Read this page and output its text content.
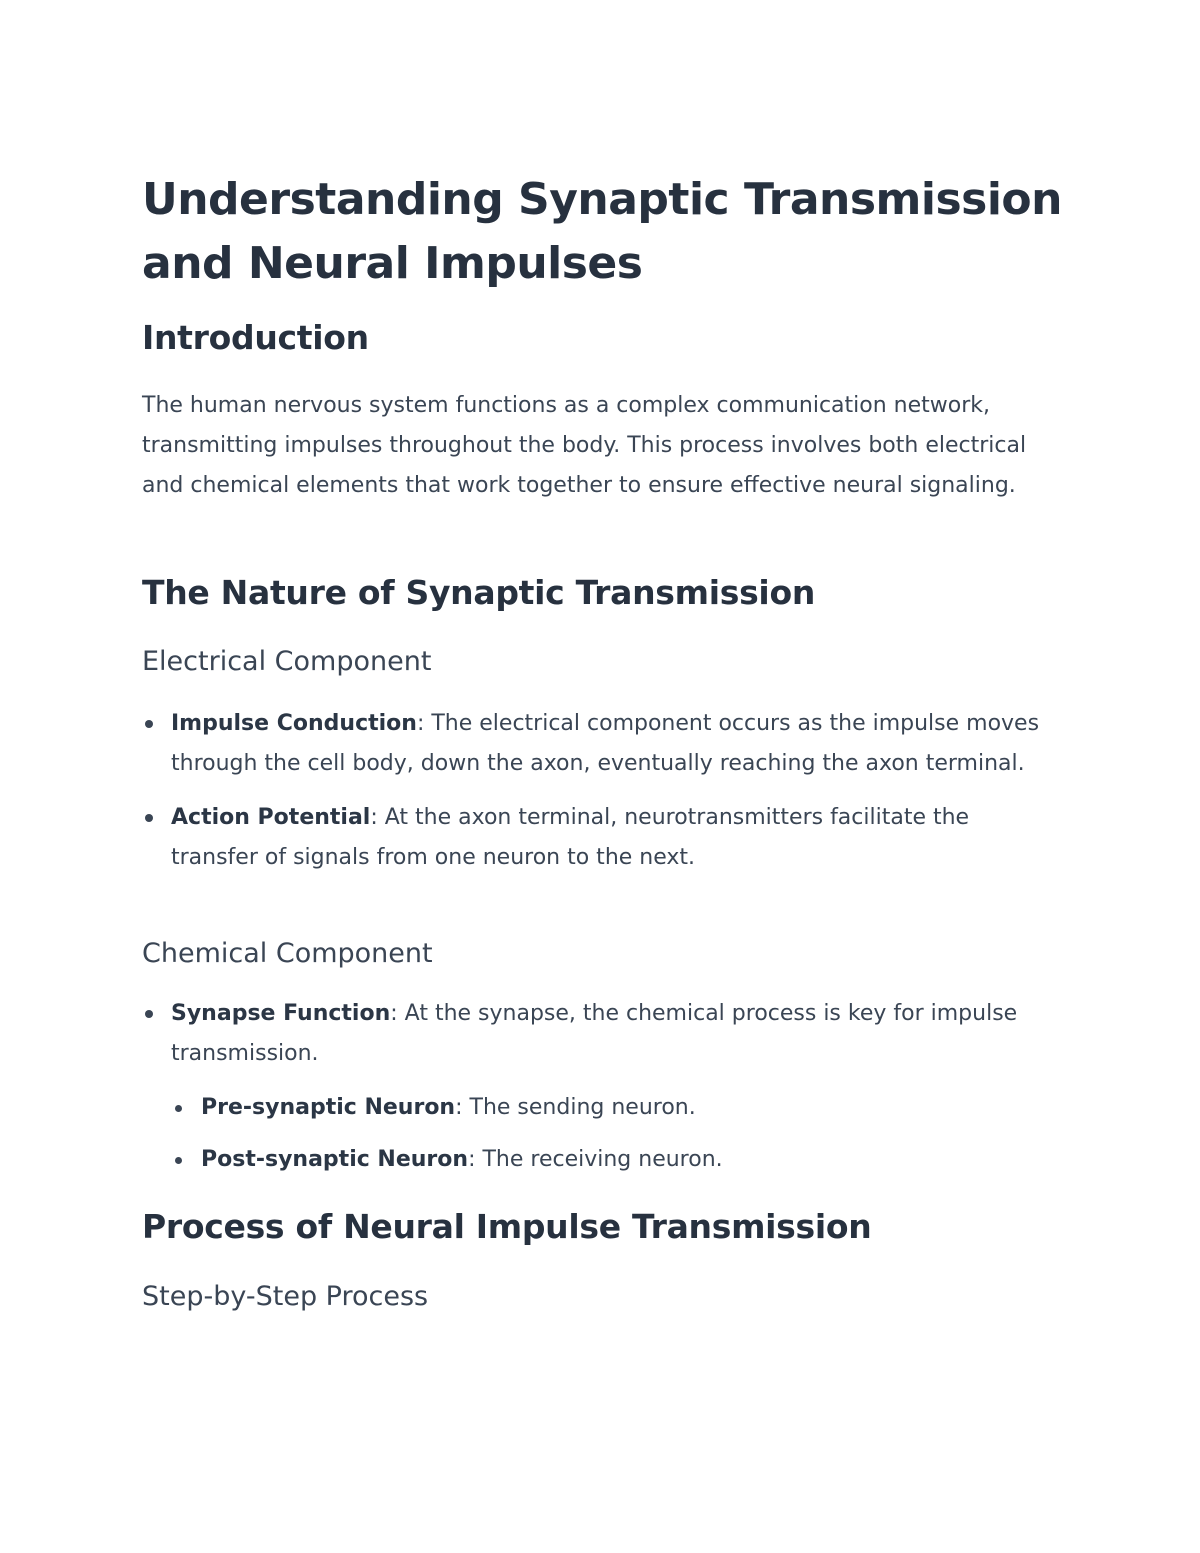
Understanding Synaptic Transmission and Neural Impulses
Introduction

The human nervous system functions as a complex communication network, transmitting impulses throughout the body. This process involves both electrical and chemical elements that work together to ensure effective neural signaling.

The Nature of Synaptic Transmission
Electrical Component
Impulse Conduction: The electrical component occurs as the impulse moves through the cell body, down the axon, eventually reaching the axon terminal.
Action Potential: At the axon terminal, neurotransmitters facilitate the transfer of signals from one neuron to the next.
Chemical Component
Synapse Function: At the synapse, the chemical process is key for impulse transmission.
Pre-synaptic Neuron: The sending neuron.
Post-synaptic Neuron: The receiving neuron.
Process of Neural Impulse Transmission
Step-by-Step Process
